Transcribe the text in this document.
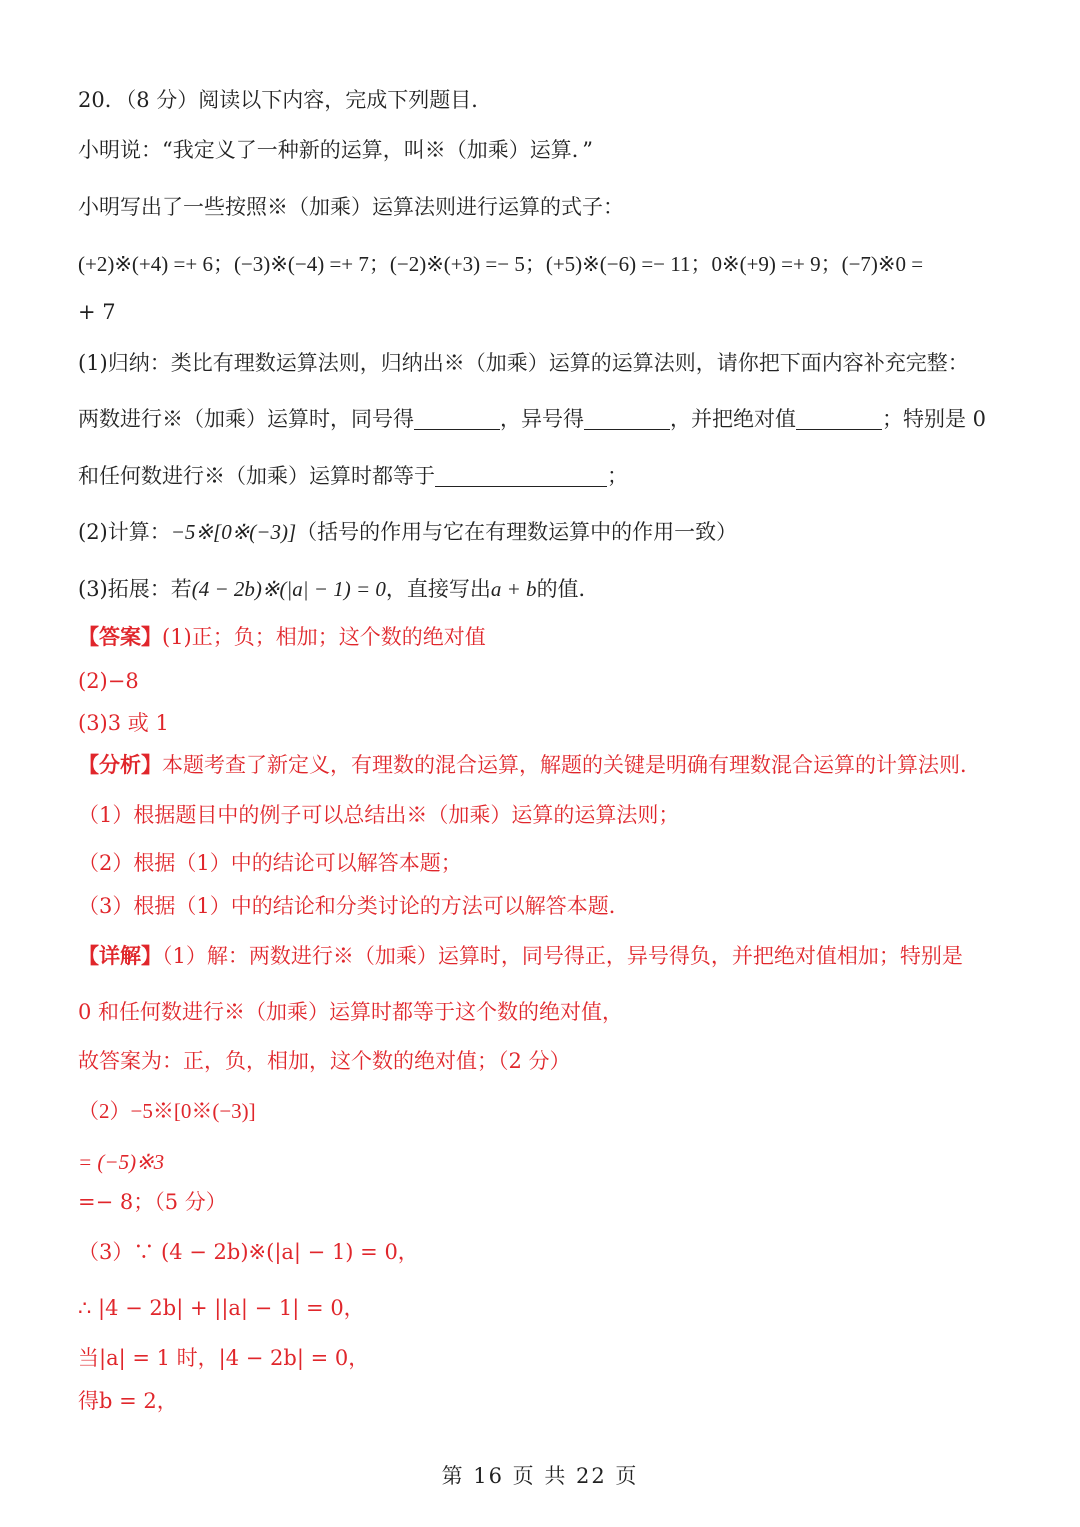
20．（8 分）阅读以下内容，完成下列题目．
小明说：“我定义了一种新的运算，叫※（加乘）运算．”
小明写出了一些按照※（加乘）运算法则进行运算的式子：
(+2)※(+4) =+ 6；(−3)※(−4) =+ 7；(−2)※(+3) =− 5；(+5)※(−6) =− 11；0※(+9) =+ 9；(−7)※0 =
+ 7
(1)归纳：类比有理数运算法则，归纳出※（加乘）运算的运算法则，请你把下面内容补充完整：
两数进行※（加乘）运算时，同号得	，异号得	，并把绝对值	；特别是 0
和任何数进行※（加乘）运算时都等于	；
(2)计算：−5※[0※(−3)]（括号的作用与它在有理数运算中的作用一致）
(3)拓展：若(4 − 2b)※(|a| − 1) = 0，直接写出a + b的值．
【答案】(1)正；负；相加；这个数的绝对值
(2)−8
(3)3 或 1
【分析】本题考查了新定义，有理数的混合运算，解题的关键是明确有理数混合运算的计算法则．
（1）根据题目中的例子可以总结出※（加乘）运算的运算法则；
（2）根据（1）中的结论可以解答本题；
（3）根据（1）中的结论和分类讨论的方法可以解答本题．
【详解】（1）解：两数进行※（加乘）运算时，同号得正，异号得负，并把绝对值相加；特别是
0 和任何数进行※（加乘）运算时都等于这个数的绝对值，
故答案为：正，负，相加，这个数的绝对值；（2 分）
（2）−5※[0※(−3)]
= (−5)※3
=− 8；（5 分）
（3）∵ (4 − 2b)※(|a| − 1) = 0，
∴ |4 − 2b| + ||a| − 1| = 0，
当|a| = 1 时，|4 − 2b| = 0，
得b = 2，
第 16 页 共 22 页
